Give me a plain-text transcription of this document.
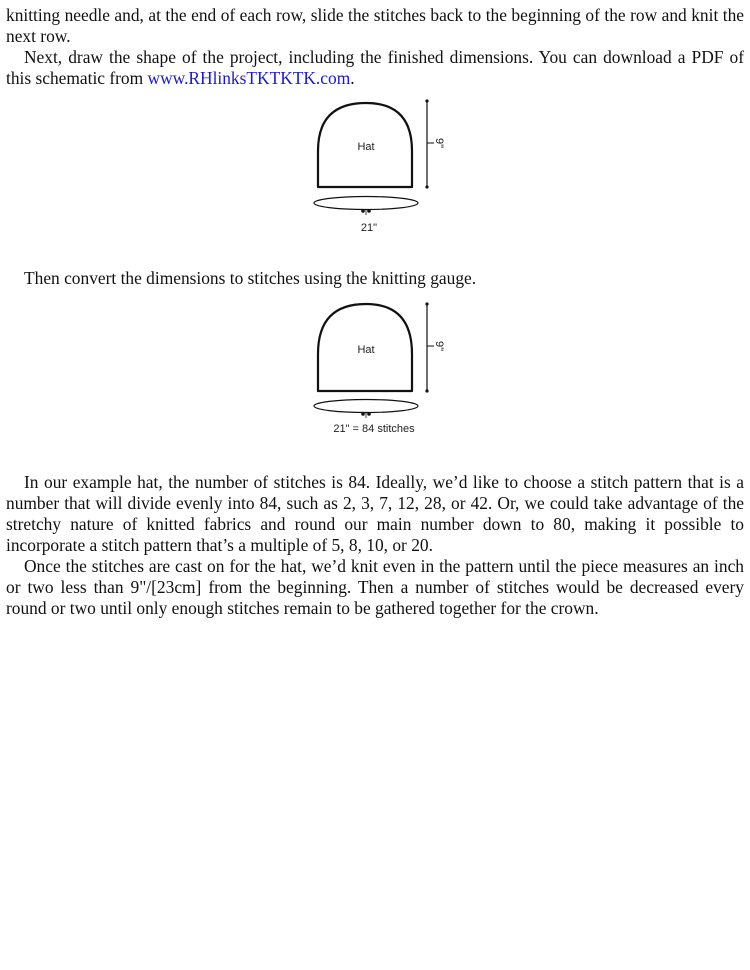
knitting needle and, at the end of each row, slide the stitches back to the beginning of the row and knit the next row.

Next, draw the shape of the project, including the finished dimensions. You can download a PDF of this schematic from www.RHlinksTKTKTK.com.

Hat	9"
21"

Then convert the dimensions to stitches using the knitting gauge.

Hat	9"
21" = 84 stitches

In our example hat, the number of stitches is 84. Ideally, we’d like to choose a stitch pattern that is a number that will divide evenly into 84, such as 2, 3, 7, 12, 28, or 42. Or, we could take advantage of the stretchy nature of knitted fabrics and round our main number down to 80, making it possible to incorporate a stitch pattern that’s a multiple of 5, 8, 10, or 20.

Once the stitches are cast on for the hat, we’d knit even in the pattern until the piece measures an inch or two less than 9"/[23cm] from the beginning. Then a number of stitches would be decreased every round or two until only enough stitches remain to be gathered together for the crown.
